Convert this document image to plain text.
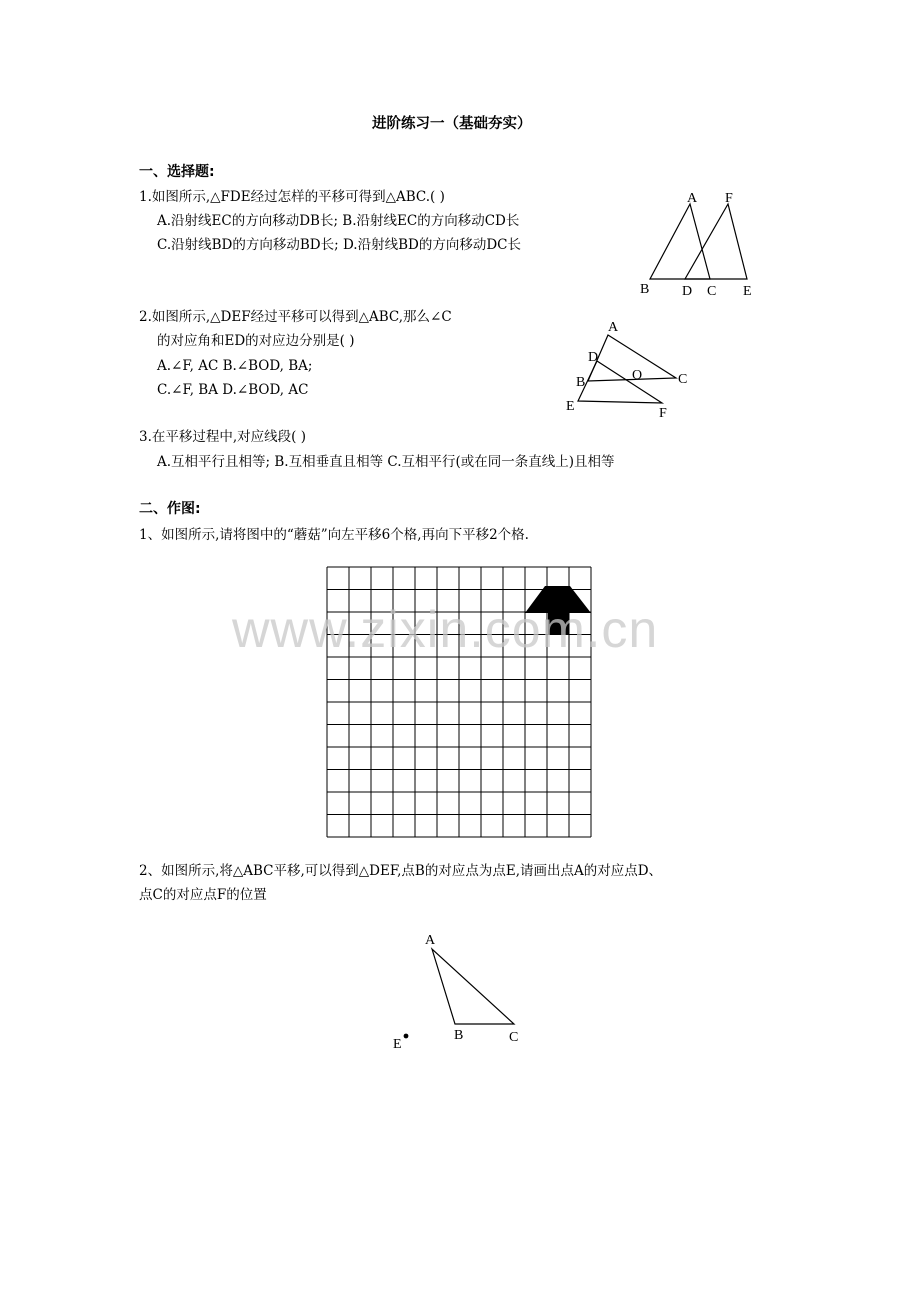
进阶练习一（基础夯实）
一、选择题:
1.如图所示,△FDE经过怎样的平移可得到△ABC.( )
A.沿射线EC的方向移动DB长; B.沿射线EC的方向移动CD长
C.沿射线BD的方向移动BD长; D.沿射线BD的方向移动DC长
A F
B D C E
2.如图所示,△DEF经过平移可以得到△ABC,那么∠C
的对应角和ED的对应边分别是( )
A.∠F, AC B.∠BOD, BA;
C.∠F, BA D.∠BOD, AC
A
D
O
B	C
E	F
3.在平移过程中,对应线段( )
A.互相平行且相等; B.互相垂直且相等 C.互相平行(或在同一条直线上)且相等
二、作图:
1、如图所示,请将图中的“蘑菇”向左平移6个格,再向下平移2个格.
www.zixin.com.cn
2、如图所示,将△ABC平移,可以得到△DEF,点B的对应点为点E,请画出点A的对应点D、
点C的对应点F的位置
A
B	C
E
